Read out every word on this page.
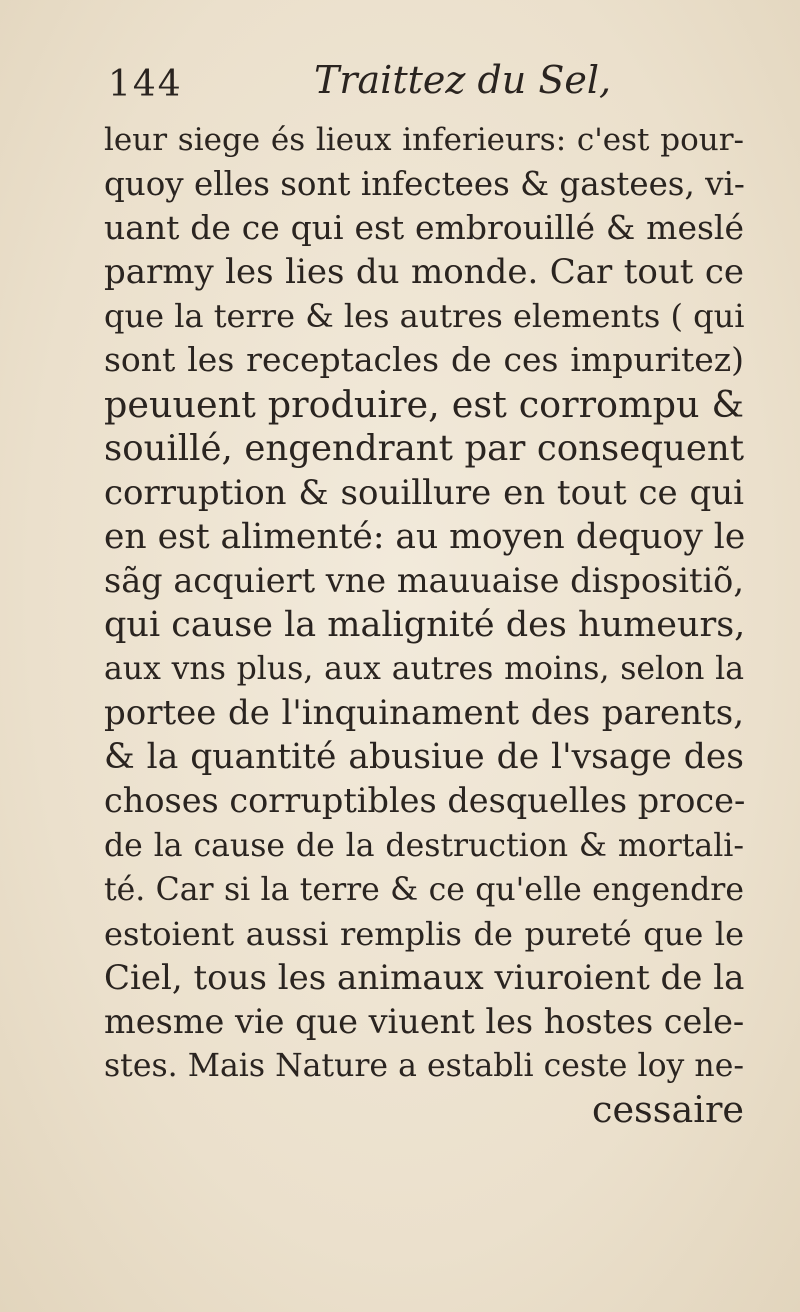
144	Traittez du Sel,
leur siege és lieux inferieurs: c'est pour-
quoy elles sont infectees & gastees, vi-
uant de ce qui est embrouillé & meslé
parmy les lies du monde. Car tout ce
que la terre & les autres elements ( qui
sont les receptacles de ces impuritez)
peuuent produire, est corrompu &
souillé, engendrant par consequent
corruption & souillure en tout ce qui
en est alimenté: au moyen dequoy le
sãg acquiert vne mauuaise dispositiõ,
qui cause la malignité des humeurs,
aux vns plus, aux autres moins, selon la
portee de l'inquinament des parents,
& la quantité abusiue de l'vsage des
choses corruptibles desquelles proce-
de la cause de la destruction & mortali-
té. Car si la terre & ce qu'elle engendre
estoient aussi remplis de pureté que le
Ciel, tous les animaux viuroient de la
mesme vie que viuent les hostes cele-
stes. Mais Nature a establi ceste loy ne-
cessaire
